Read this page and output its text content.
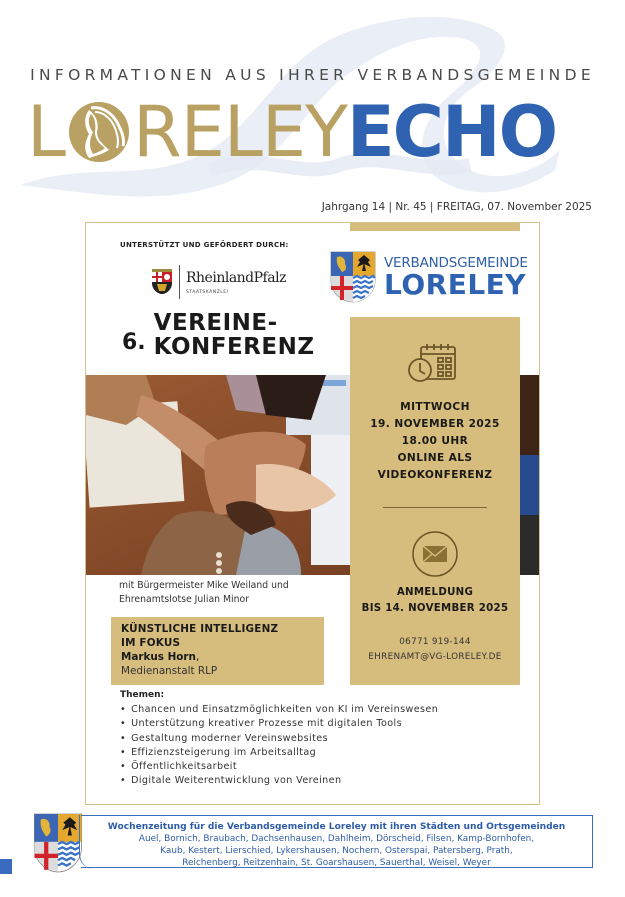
INFORMATIONEN AUS IHRER VERBANDSGEMEINDE
L RELEY ECHO
Jahrgang 14 | Nr. 45 | FREITAG, 07. November 2025
UNTERSTÜTZT UND GEFÖRDERT DURCH:
RheinlandPfalz
STAATSKANZLEI
6.
VEREINE-
KONFERENZ
VERBANDSGEMEINDE
LORELEY
MITTWOCH
19. NOVEMBER 2025
18.00 UHR
ONLINE ALS
VIDEOKONFERENZ
ANMELDUNG
BIS 14. NOVEMBER 2025
06771 919-144
EHRENAMT@VG-LORELEY.DE
mit Bürgermeister Mike Weiland und
Ehrenamtslotse Julian Minor
KÜNSTLICHE INTELLIGENZ
IM FOKUS
Markus Horn,
Medienanstalt RLP
Themen:
• Chancen und Einsatzmöglichkeiten von KI im Vereinswesen
• Unterstützung kreativer Prozesse mit digitalen Tools
• Gestaltung moderner Vereinswebsites
• Effizienzsteigerung im Arbeitsalltag
• Öffentlichkeitsarbeit
• Digitale Weiterentwicklung von Vereinen
Wochenzeitung für die Verbandsgemeinde Loreley mit ihren Städten und Ortsgemeinden
Auel, Bornich, Braubach, Dachsenhausen, Dahlheim, Dörscheid, Filsen, Kamp-Bornhofen,
Kaub, Kestert, Lierschied, Lykershausen, Nochern, Osterspai, Patersberg, Prath,
Reichenberg, Reitzenhain, St. Goarshausen, Sauerthal, Weisel, Weyer
